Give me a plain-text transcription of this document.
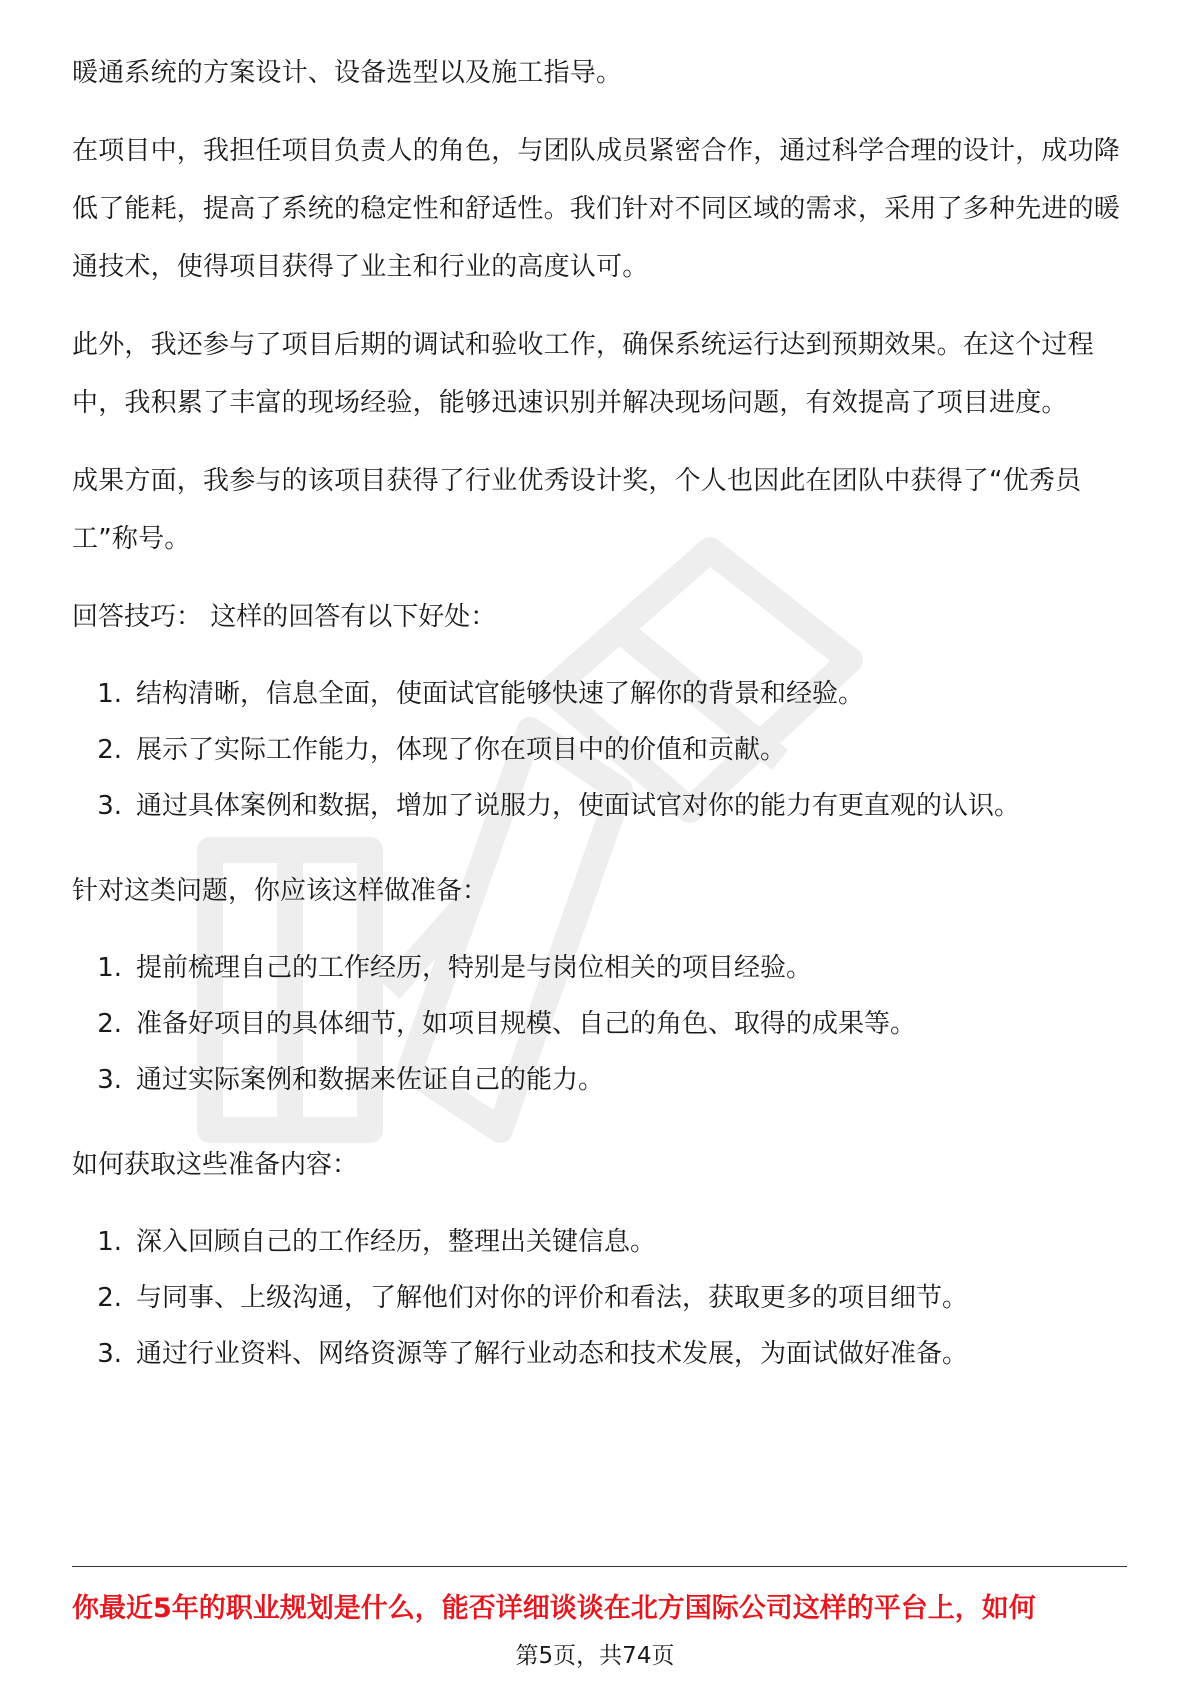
暖通系统的方案设计、设备选型以及施工指导。

在项目中，我担任项目负责人的角色，与团队成员紧密合作，通过科学合理的设计，成功降低了能耗，提高了系统的稳定性和舒适性。我们针对不同区域的需求，采用了多种先进的暖通技术，使得项目获得了业主和行业的高度认可。

此外，我还参与了项目后期的调试和验收工作，确保系统运行达到预期效果。在这个过程中，我积累了丰富的现场经验，能够迅速识别并解决现场问题，有效提高了项目进度。

成果方面，我参与的该项目获得了行业优秀设计奖，个人也因此在团队中获得了“优秀员工”称号。

回答技巧： 这样的回答有以下好处：

1. 结构清晰，信息全面，使面试官能够快速了解你的背景和经验。
2. 展示了实际工作能力，体现了你在项目中的价值和贡献。
3. 通过具体案例和数据，增加了说服力，使面试官对你的能力有更直观的认识。

针对这类问题，你应该这样做准备：

1. 提前梳理自己的工作经历，特别是与岗位相关的项目经验。
2. 准备好项目的具体细节，如项目规模、自己的角色、取得的成果等。
3. 通过实际案例和数据来佐证自己的能力。

如何获取这些准备内容：

1. 深入回顾自己的工作经历，整理出关键信息。
2. 与同事、上级沟通，了解他们对你的评价和看法，获取更多的项目细节。
3. 通过行业资料、网络资源等了解行业动态和技术发展，为面试做好准备。
你最近5年的职业规划是什么，能否详细谈谈在北方国际公司这样的平台上，如何
第5页，共74页
